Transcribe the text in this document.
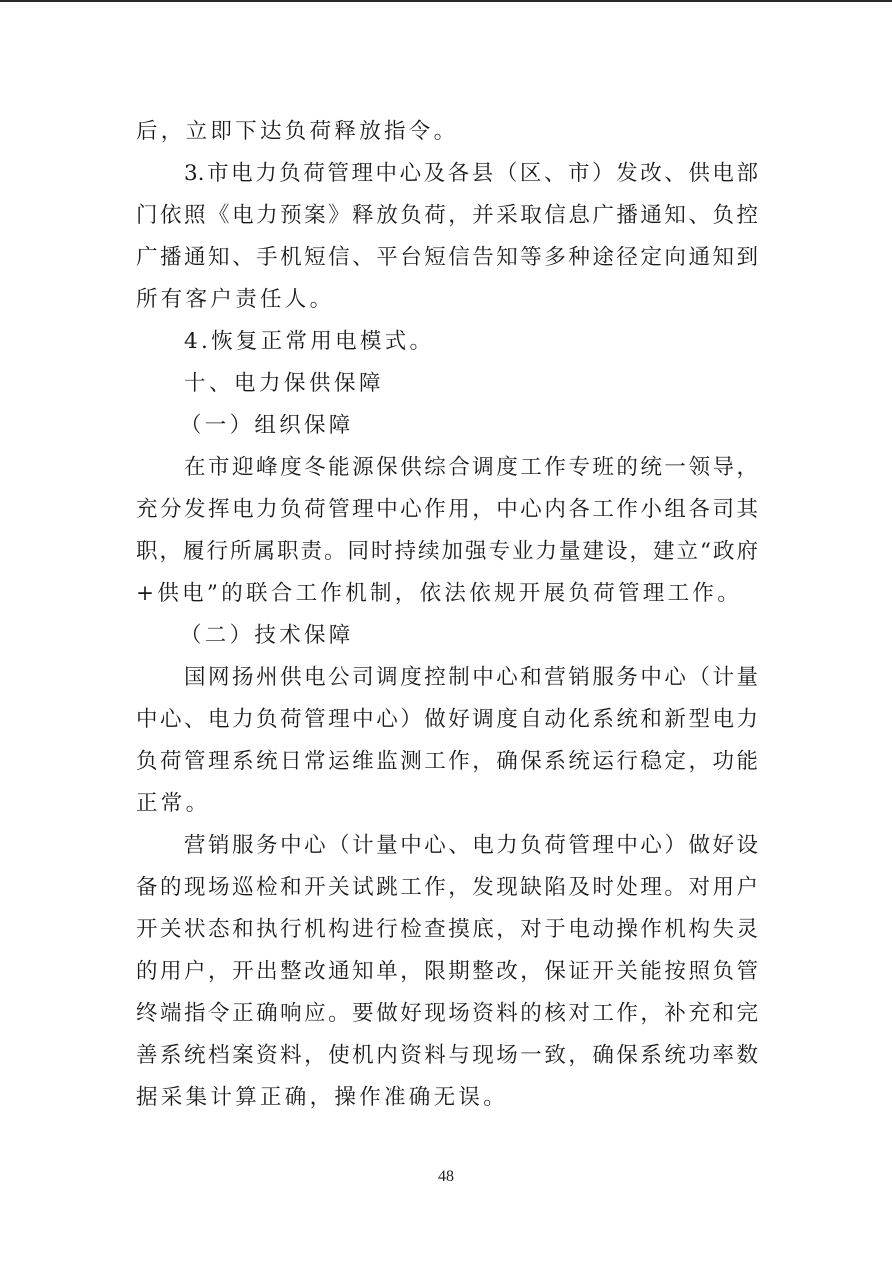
后，立即下达负荷释放指令。
3.市电力负荷管理中心及各县（区、市）发改、供电部
门依照《电力预案》释放负荷，并采取信息广播通知、负控
广播通知、手机短信、平台短信告知等多种途径定向通知到
所有客户责任人。
4.恢复正常用电模式。
十、电力保供保障
（一）组织保障
在市迎峰度冬能源保供综合调度工作专班的统一领导，
充分发挥电力负荷管理中心作用，中心内各工作小组各司其
职，履行所属职责。同时持续加强专业力量建设，建立“政府
+供电”的联合工作机制，依法依规开展负荷管理工作。
（二）技术保障
国网扬州供电公司调度控制中心和营销服务中心（计量
中心、电力负荷管理中心）做好调度自动化系统和新型电力
负荷管理系统日常运维监测工作，确保系统运行稳定，功能
正常。
营销服务中心（计量中心、电力负荷管理中心）做好设
备的现场巡检和开关试跳工作，发现缺陷及时处理。对用户
开关状态和执行机构进行检查摸底，对于电动操作机构失灵
的用户，开出整改通知单，限期整改，保证开关能按照负管
终端指令正确响应。要做好现场资料的核对工作，补充和完
善系统档案资料，使机内资料与现场一致，确保系统功率数
据采集计算正确，操作准确无误。
48
